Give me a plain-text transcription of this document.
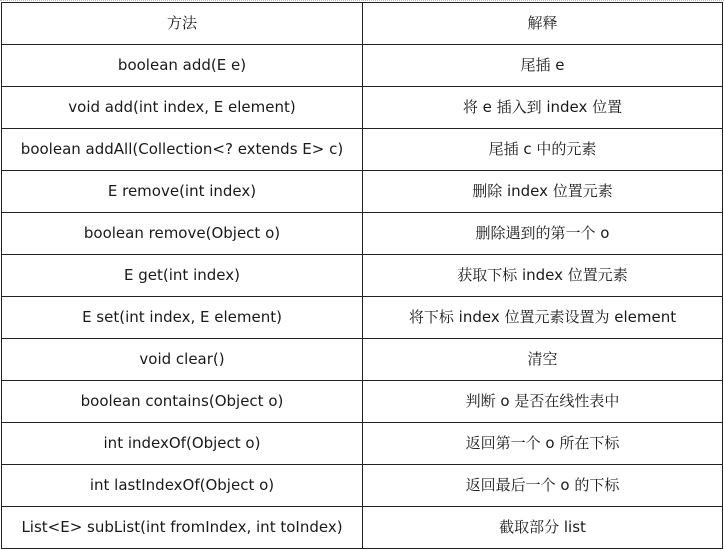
方法	解释
boolean add(E e)	尾插 e
void add(int index, E element)	将 e 插入到 index 位置
boolean addAll(Collection<? extends E> c)	尾插 c 中的元素
E remove(int index)	删除 index 位置元素
boolean remove(Object o)	删除遇到的第一个 o
E get(int index)	获取下标 index 位置元素
E set(int index, E element)	将下标 index 位置元素设置为 element
void clear()	清空
boolean contains(Object o)	判断 o 是否在线性表中
int indexOf(Object o)	返回第一个 o 所在下标
int lastIndexOf(Object o)	返回最后一个 o 的下标
List<E> subList(int fromIndex, int toIndex)	截取部分 list
